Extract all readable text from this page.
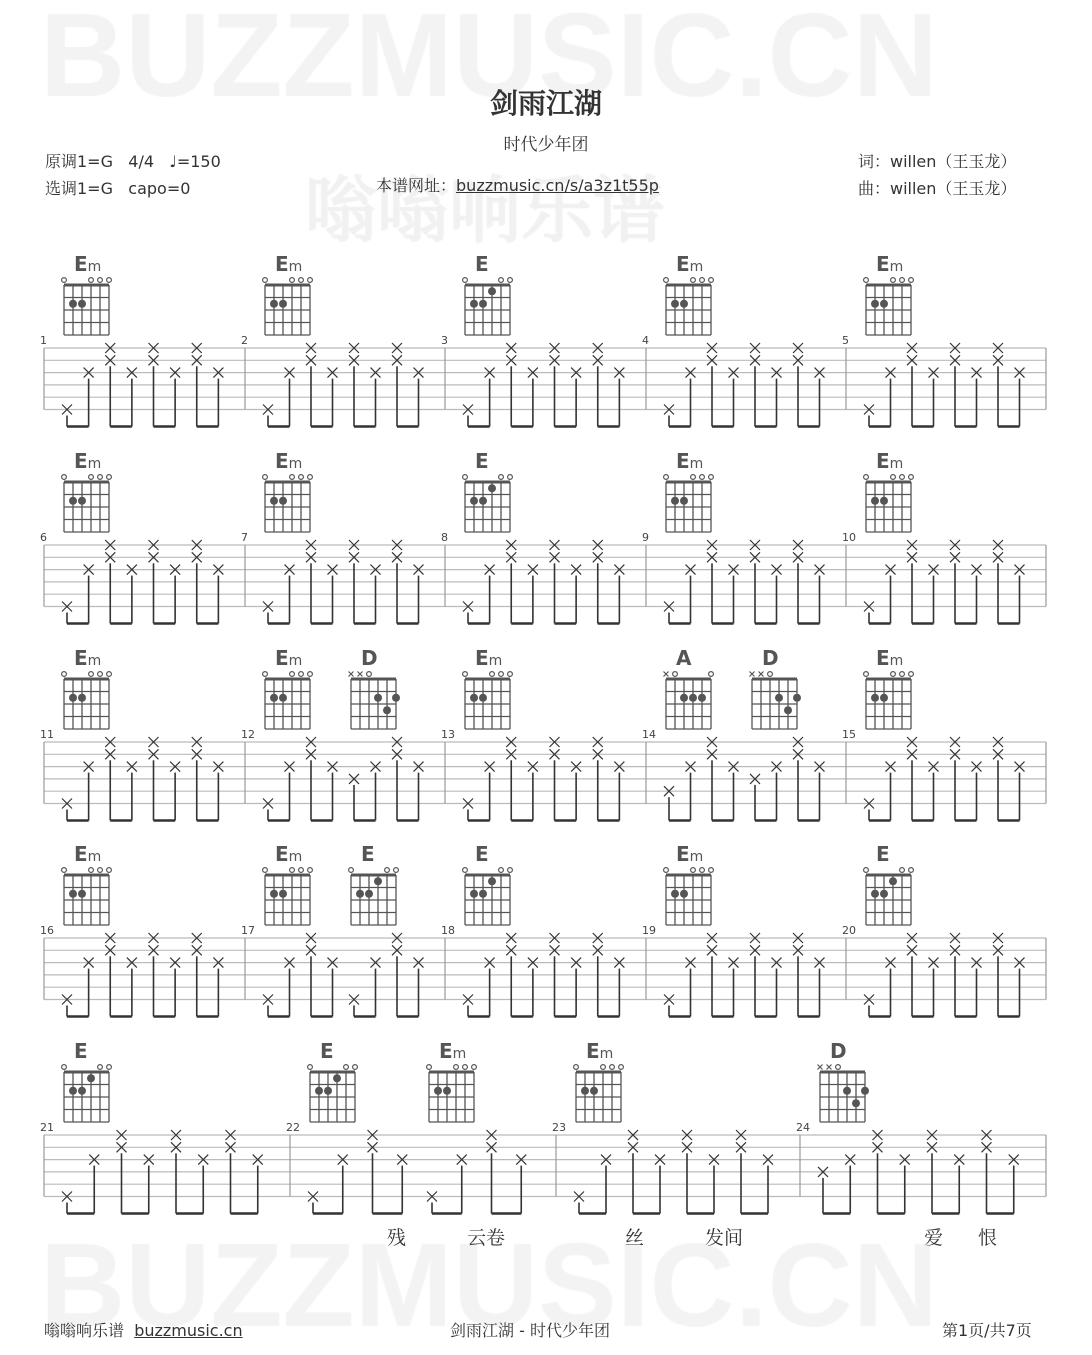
剑雨江湖
时代少年团
原调1=G 4/4 ♩=150
选调1=G capo=0	本谱网址：buzzmusic.cn/s/a3z1t55p
词：willen（王玉龙）
曲：willen（王玉龙）
1
Em
2
Em
3
E
4
Em
5
Em
6
Em
7
Em
8
E
9
Em
10
Em
11
Em
12
Em	D
13
Em
14
A	D
15
Em
16
Em
17
Em	E
18
E
19
Em
20
E
21
E
22
E	Em
23
Em
24
D
残	云卷	丝	发间	爱 恨
嗡嗡响乐谱 buzzmusic.cn	剑雨江湖 - 时代少年团	第1页/共7页
